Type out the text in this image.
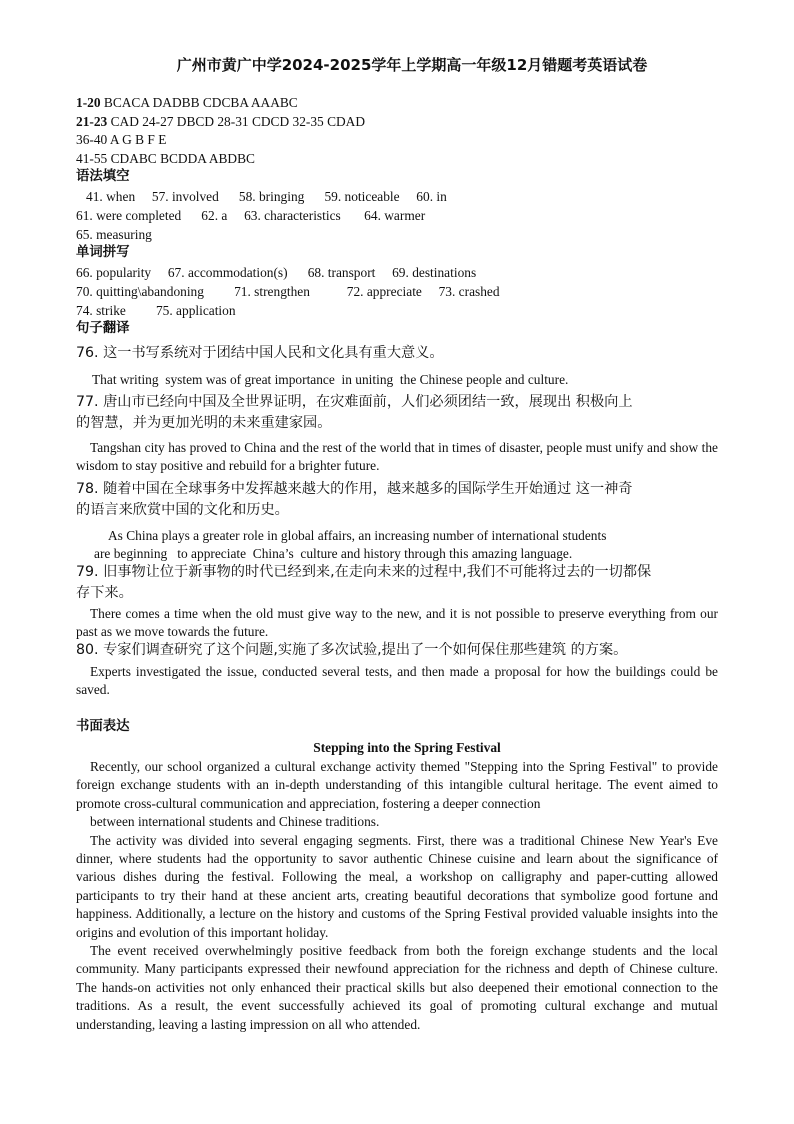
广州市黄广中学2024-2025学年上学期高一年级12月错题考英语试卷
1-20 BCACA DADBB CDCBA AAABC
21-23 CAD 24-27 DBCD 28-31 CDCD 32-35 CDAD
36-40 A G B F E
41-55 CDABC BCDDA ABDBC
语法填空
41. when     57. involved      58. bringing      59. noticeable     60. in
61. were completed      62. a     63. characteristics       64. warmer
65. measuring
单词拼写
66. popularity     67. accommodation(s)      68. transport     69. destinations
70. quitting\abandoning         71. strengthen           72. appreciate     73. crashed
74. strike         75. application
句子翻译
76. 这一书写系统对于团结中国人民和文化具有重大意义。
That writing  system was of great importance  in uniting  the Chinese people and culture.
77. 唐山市已经向中国及全世界证明，在灾难面前，人们必须团结一致，展现出 积极向上
的智慧，并为更加光明的未来重建家园。
Tangshan city has proved to China and the rest of the world that in times of disaster, people must unify and show the wisdom to stay positive and rebuild for a brighter future.
78. 随着中国在全球事务中发挥越来越大的作用，越来越多的国际学生开始通过 这一神奇
的语言来欣赏中国的文化和历史。
As China plays a greater role in global affairs, an increasing number of international students
are beginning   to appreciate  China’s  culture and history through this amazing language.
79. 旧事物让位于新事物的时代已经到来,在走向未来的过程中,我们不可能将过去的一切都保
存下来。
There comes a time when the old must give way to the new, and it is not possible to preserve everything from our past as we move towards the future.
80. 专家们调查研究了这个问题,实施了多次试验,提出了一个如何保住那些建筑 的方案。
Experts investigated the issue, conducted several tests, and then made a proposal for how the buildings could be saved.
书面表达
Stepping into the Spring Festival
Recently, our school organized a cultural exchange activity themed "Stepping into the Spring Festival" to provide foreign exchange students with an in-depth understanding of this intangible cultural heritage. The event aimed to promote cross-cultural communication and appreciation, fostering a deeper connection
between international students and Chinese traditions.
The activity was divided into several engaging segments. First, there was a traditional Chinese New Year's Eve dinner, where students had the opportunity to savor authentic Chinese cuisine and learn about the significance of various dishes during the festival. Following the meal, a workshop on calligraphy and paper-cutting allowed participants to try their hand at these ancient arts, creating beautiful decorations that symbolize good fortune and happiness. Additionally, a lecture on the history and customs of the Spring Festival provided valuable insights into the origins and evolution of this important holiday.
The event received overwhelmingly positive feedback from both the foreign exchange students and the local community. Many participants expressed their newfound appreciation for the richness and depth of Chinese culture. The hands-on activities not only enhanced their practical skills but also deepened their emotional connection to the traditions. As a result, the event successfully achieved its goal of promoting cultural exchange and mutual understanding, leaving a lasting impression on all who attended.
